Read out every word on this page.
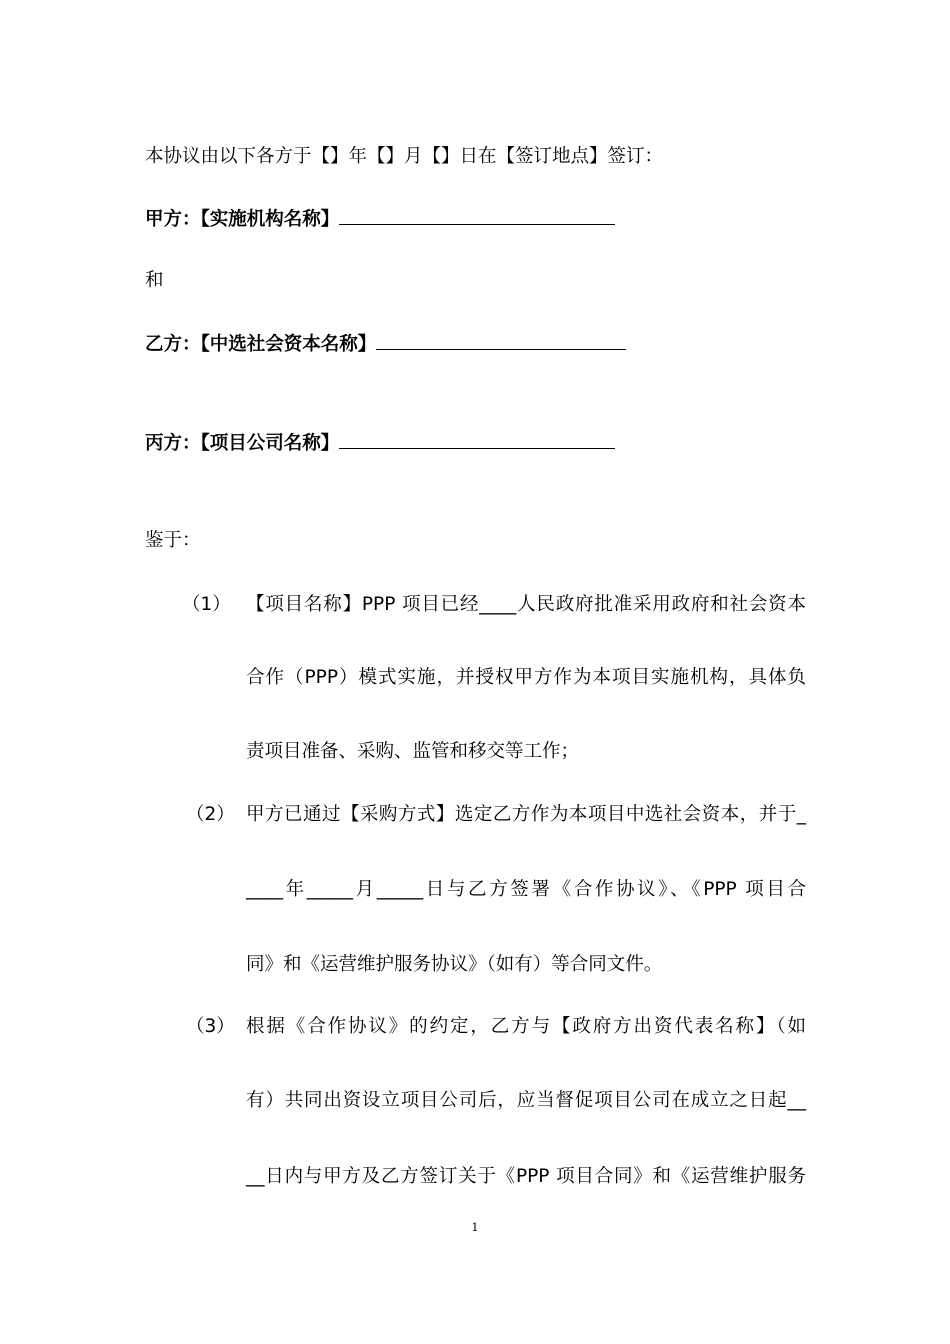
本协议由以下各方于【】年【】月【】日在【签订地点】签订：
甲方：【实施机构名称】
和
乙方：【中选社会资本名称】
丙方：【项目公司名称】
鉴于：
（1） 【项目名称】PPP 项目已经____人民政府批准采用政府和社会资本
合作（PPP）模式实施，并授权甲方作为本项目实施机构，具体负
责项目准备、采购、监管和移交等工作；
（2） 甲方已通过【采购方式】选定乙方作为本项目中选社会资本，并于_
____年_____月_____日与乙方签署《合作协议》、《PPP 项目合
同》和《运营维护服务协议》（如有）等合同文件。
（3） 根据《合作协议》的约定，乙方与【政府方出资代表名称】（如
有）共同出资设立项目公司后，应当督促项目公司在成立之日起__
__日内与甲方及乙方签订关于《PPP 项目合同》和《运营维护服务
1
